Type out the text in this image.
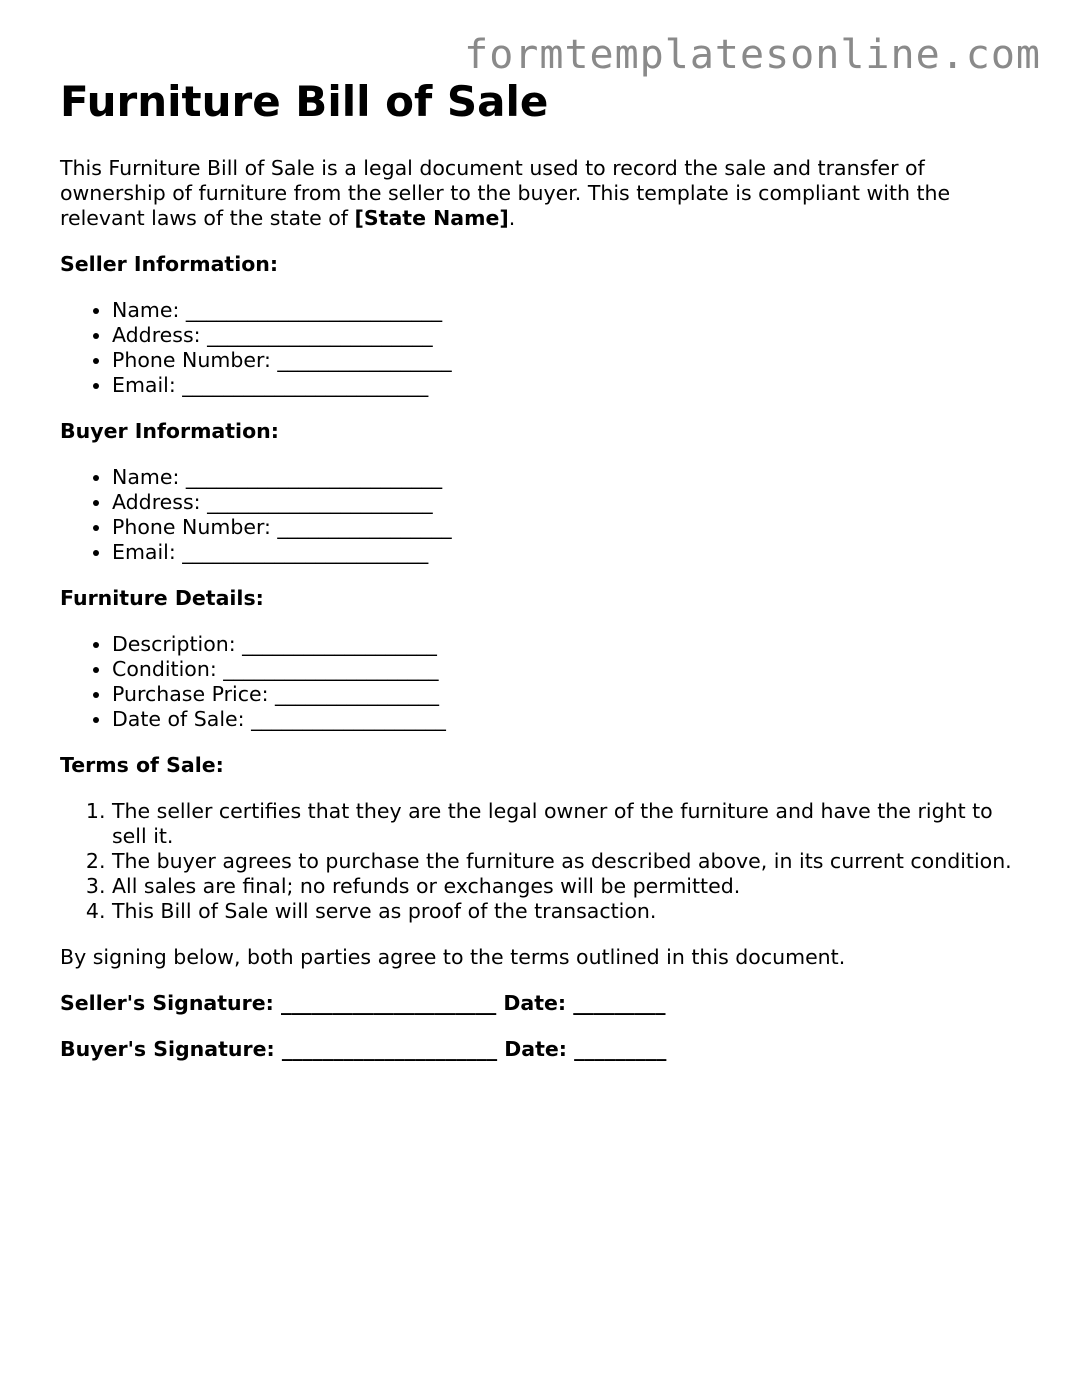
formtemplatesonline.com
Furniture Bill of Sale

This Furniture Bill of Sale is a legal document used to record the sale and transfer of ownership of furniture from the seller to the buyer. This template is compliant with the relevant laws of the state of [State Name].

Seller Information:
• Name: _________________________
• Address: ______________________
• Phone Number: _________________
• Email: ________________________
Buyer Information:
• Name: _________________________
• Address: ______________________
• Phone Number: _________________
• Email: ________________________
Furniture Details:
• Description: ___________________
• Condition: _____________________
• Purchase Price: ________________
• Date of Sale: ___________________
Terms of Sale:
1. The seller certifies that they are the legal owner of the furniture and have the right to sell it.
2. The buyer agrees to purchase the furniture as described above, in its current condition.
3. All sales are final; no refunds or exchanges will be permitted.
4. This Bill of Sale will serve as proof of the transaction.

By signing below, both parties agree to the terms outlined in this document.

Seller's Signature: _____________________ Date: _________

Buyer's Signature: _____________________ Date: _________
